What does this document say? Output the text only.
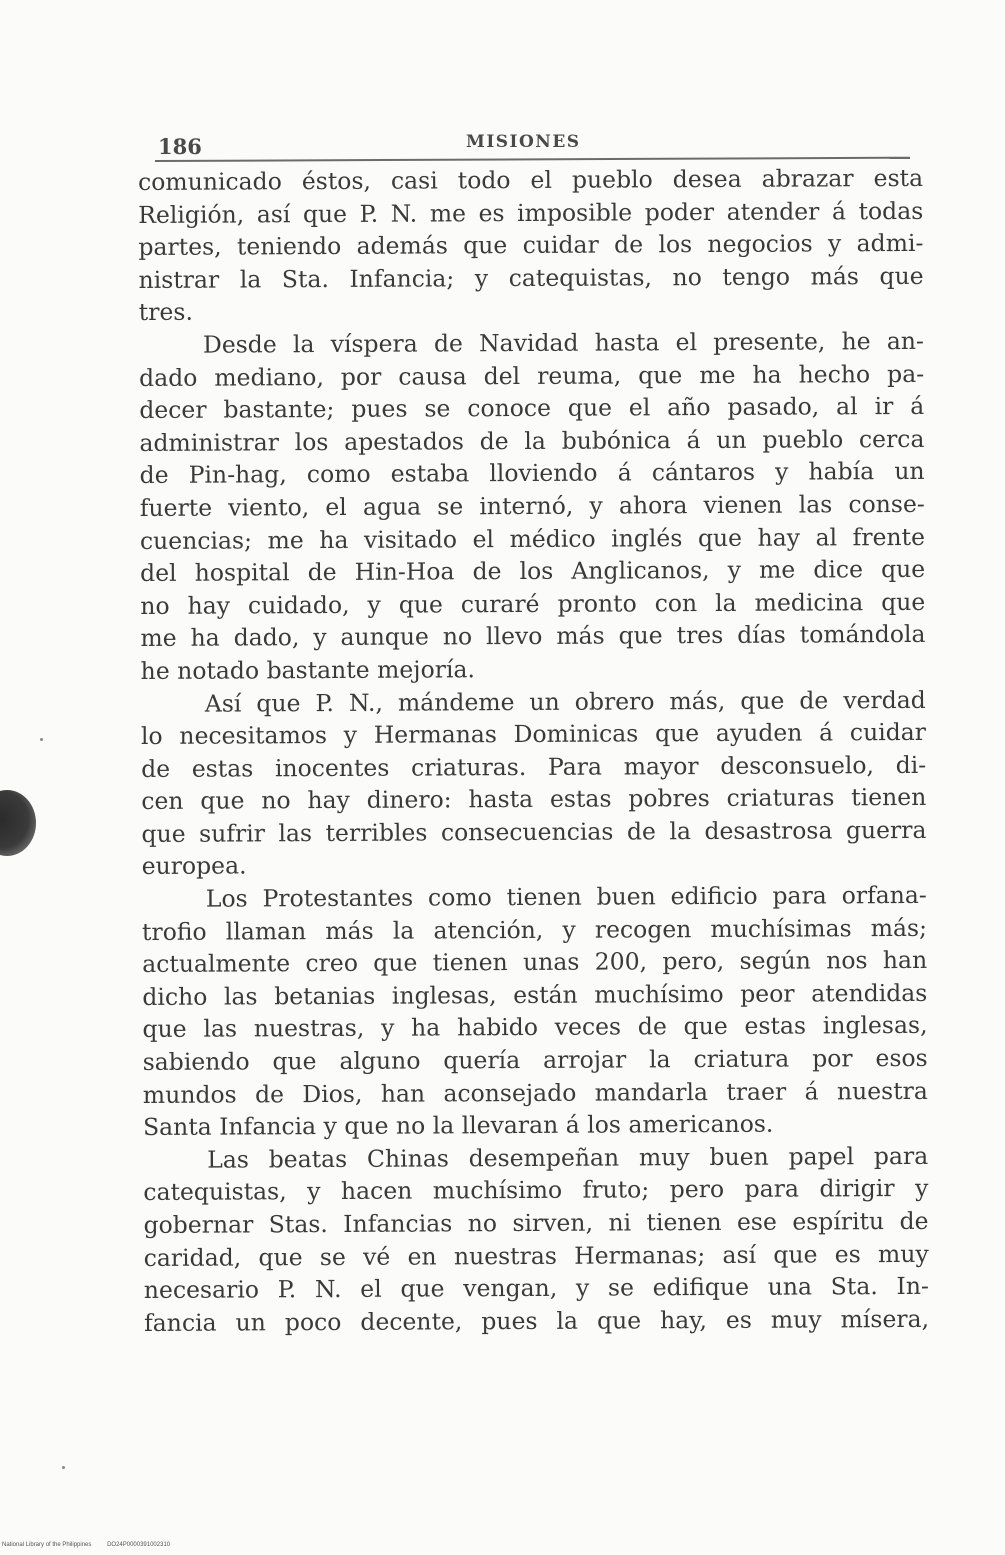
186	MISIONES
comunicado éstos, casi todo el pueblo desea abrazar esta
Religión, así que P. N. me es imposible poder atender á todas
partes, teniendo además que cuidar de los negocios y admi-
nistrar la Sta. Infancia; y catequistas, no tengo más que
tres.
Desde la víspera de Navidad hasta el presente, he an-
dado mediano, por causa del reuma, que me ha hecho pa-
decer bastante; pues se conoce que el año pasado, al ir á
administrar los apestados de la bubónica á un pueblo cerca
de Pin-hag, como estaba lloviendo á cántaros y había un
fuerte viento, el agua se internó, y ahora vienen las conse-
cuencias; me ha visitado el médico inglés que hay al frente
del hospital de Hin-Hoa de los Anglicanos, y me dice que
no hay cuidado, y que curaré pronto con la medicina que
me ha dado, y aunque no llevo más que tres días tomándola
he notado bastante mejoría.
Así que P. N., mándeme un obrero más, que de verdad
lo necesitamos y Hermanas Dominicas que ayuden á cuidar
de estas inocentes criaturas. Para mayor desconsuelo, di-
cen que no hay dinero: hasta estas pobres criaturas tienen
que sufrir las terribles consecuencias de la desastrosa guerra
europea.
Los Protestantes como tienen buen edificio para orfana-
trofio llaman más la atención, y recogen muchísimas más;
actualmente creo que tienen unas 200, pero, según nos han
dicho las betanias inglesas, están muchísimo peor atendidas
que las nuestras, y ha habido veces de que estas inglesas,
sabiendo que alguno quería arrojar la criatura por esos
mundos de Dios, han aconsejado mandarla traer á nuestra
Santa Infancia y que no la llevaran á los americanos.
Las beatas Chinas desempeñan muy buen papel para
catequistas, y hacen muchísimo fruto; pero para dirigir y
gobernar Stas. Infancias no sirven, ni tienen ese espíritu de
caridad, que se vé en nuestras Hermanas; así que es muy
necesario P. N. el que vengan, y se edifique una Sta. In-
fancia un poco decente, pues la que hay, es muy mísera,
National Library of the Philippines	DO24P0000391002310
